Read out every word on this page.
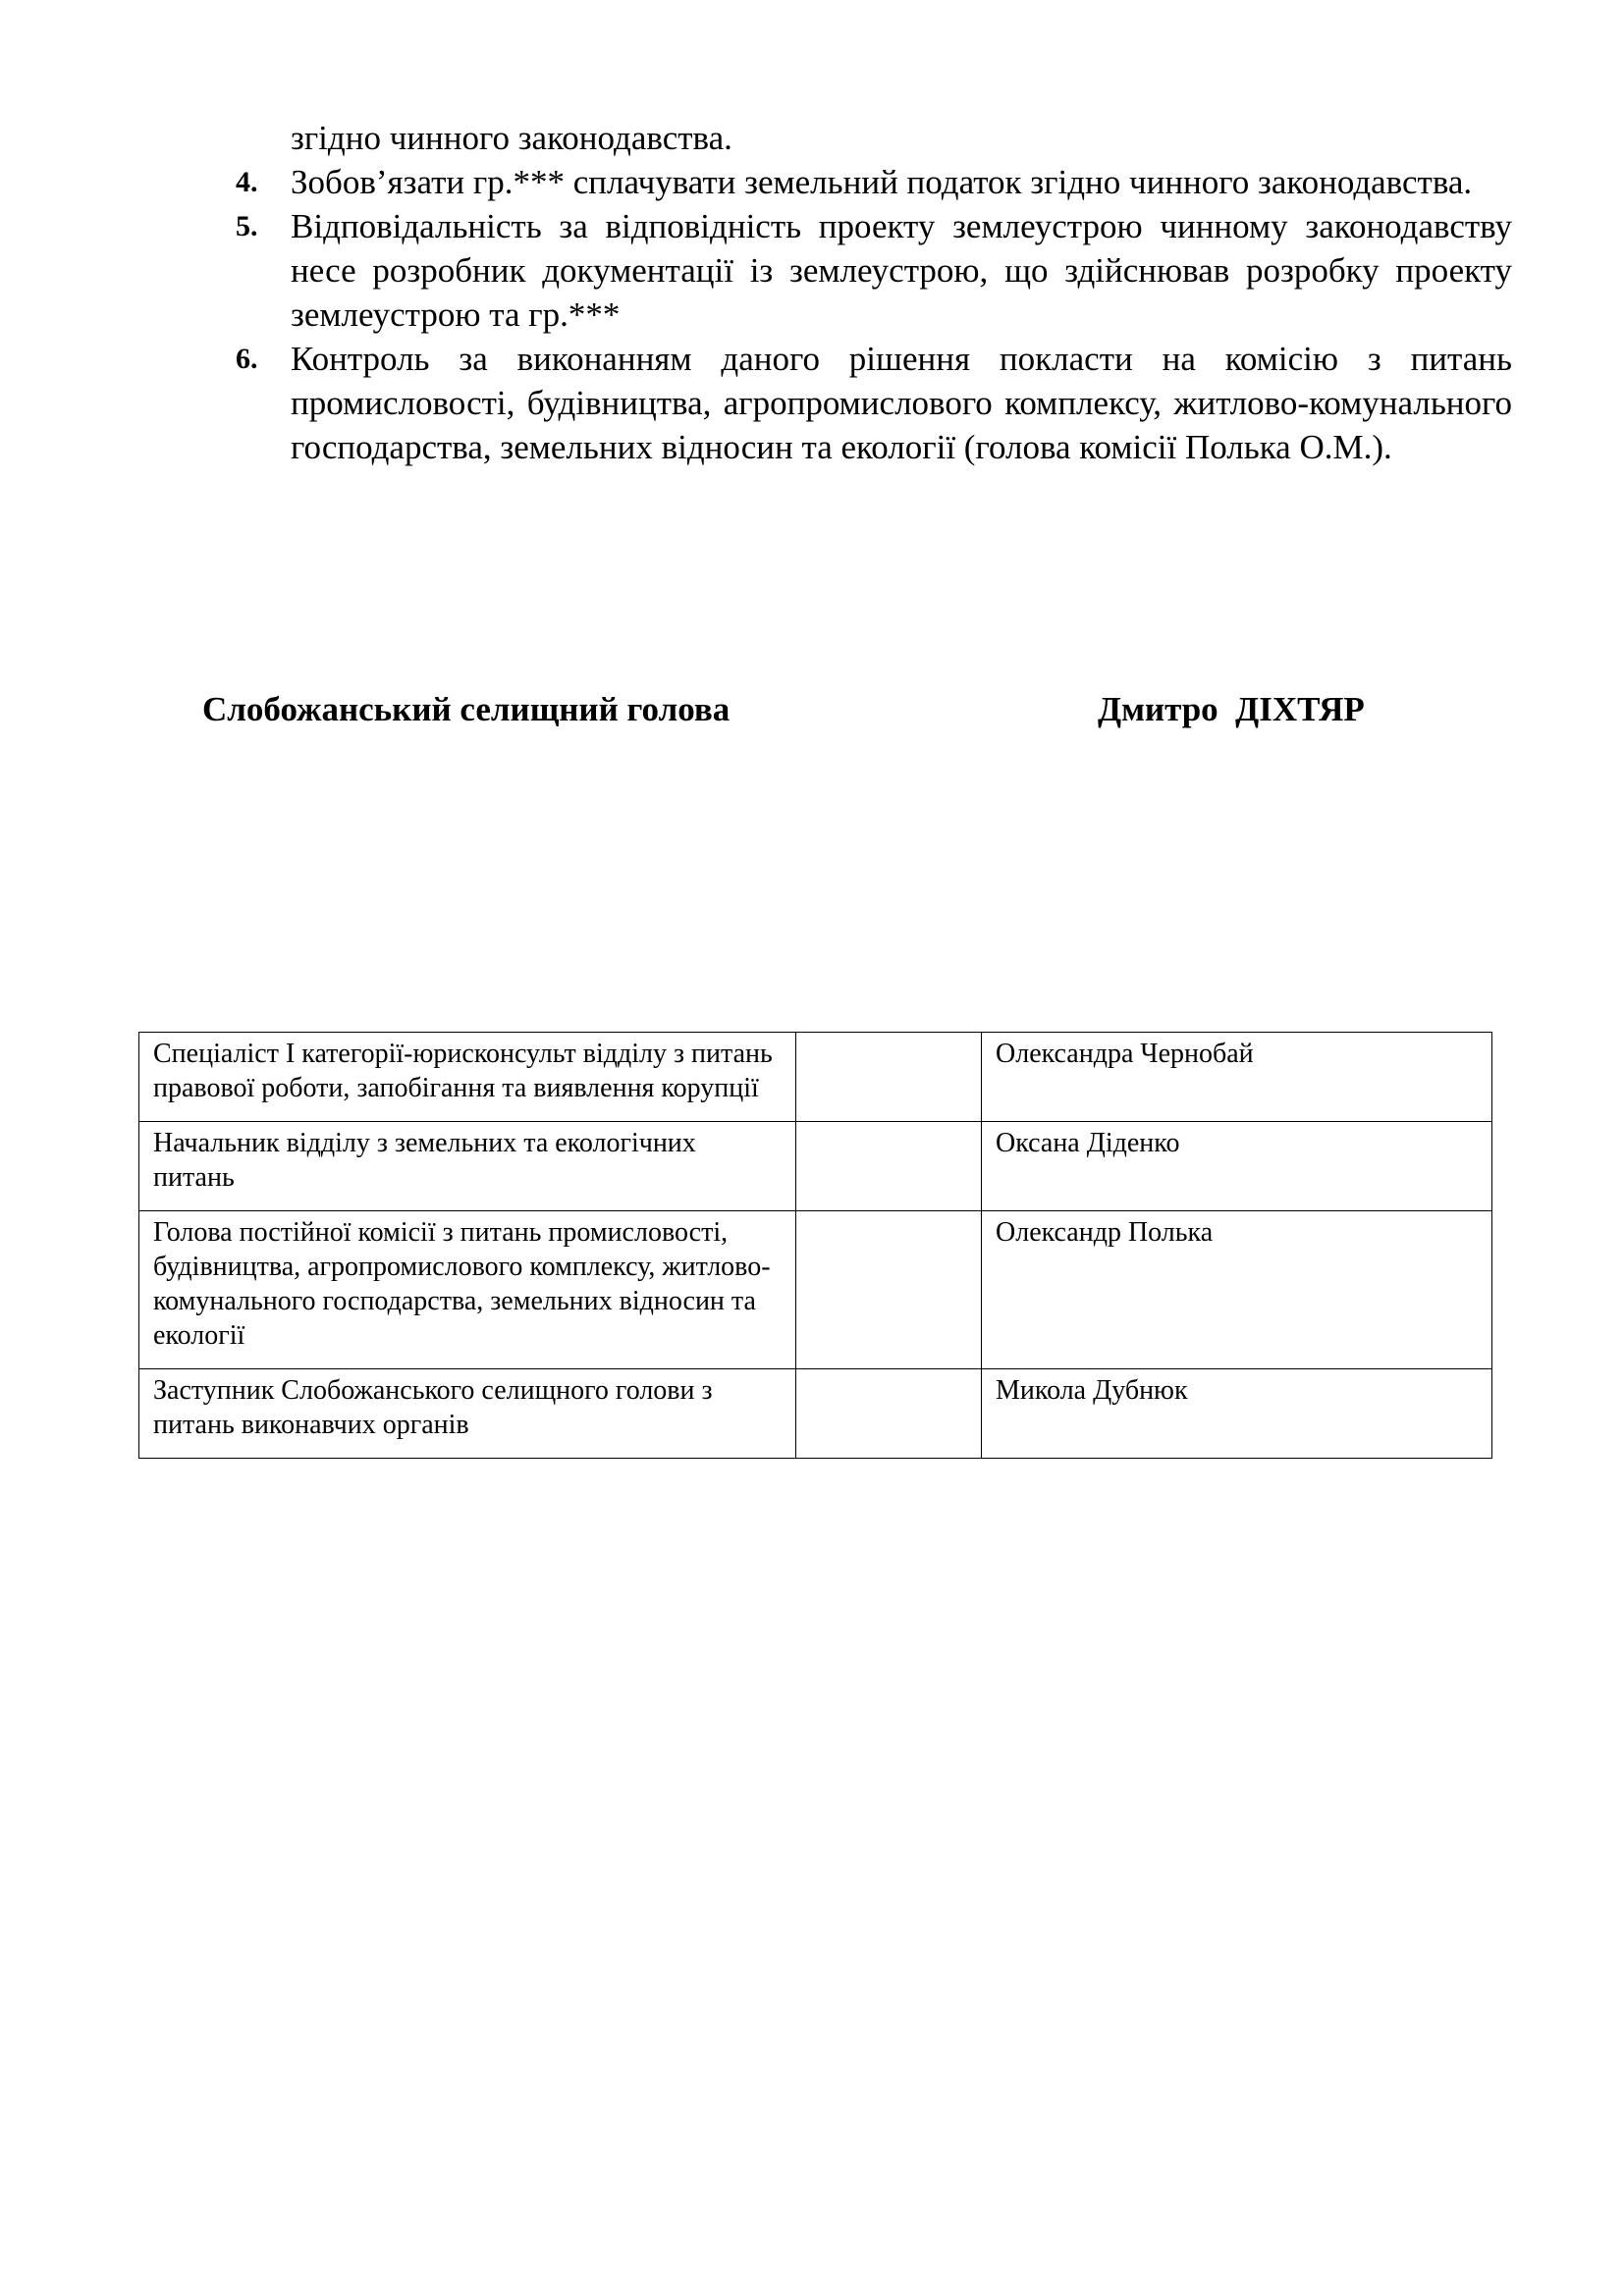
згідно чинного законодавства.
4. Зобов’язати гр.*** сплачувати земельний податок згідно чинного законодавства.
5. Відповідальність за відповідність проекту землеустрою чинному законодавству несе розробник документації із землеустрою, що здійснював розробку проекту землеустрою та гр.***
6. Контроль за виконанням даного рішення покласти на комісію з питань промисловості, будівництва, агропромислового комплексу, житлово-комунального господарства, земельних відносин та екології (голова комісії Полька О.М.).
Слобожанський селищний голова	Дмитро  ДІХТЯР
Спеціаліст І категорії-юрисконсульт відділу з питань правової роботи, запобігання та виявлення корупції		Олександра Чернобай
Начальник відділу з земельних та екологічних питань		Оксана Діденко
Голова постійної комісії з питань промисловості, будівництва, агропромислового комплексу, житлово-комунального господарства, земельних відносин та екології		Олександр Полька
Заступник Слобожанського селищного голови з питань виконавчих органів		Микола Дубнюк
